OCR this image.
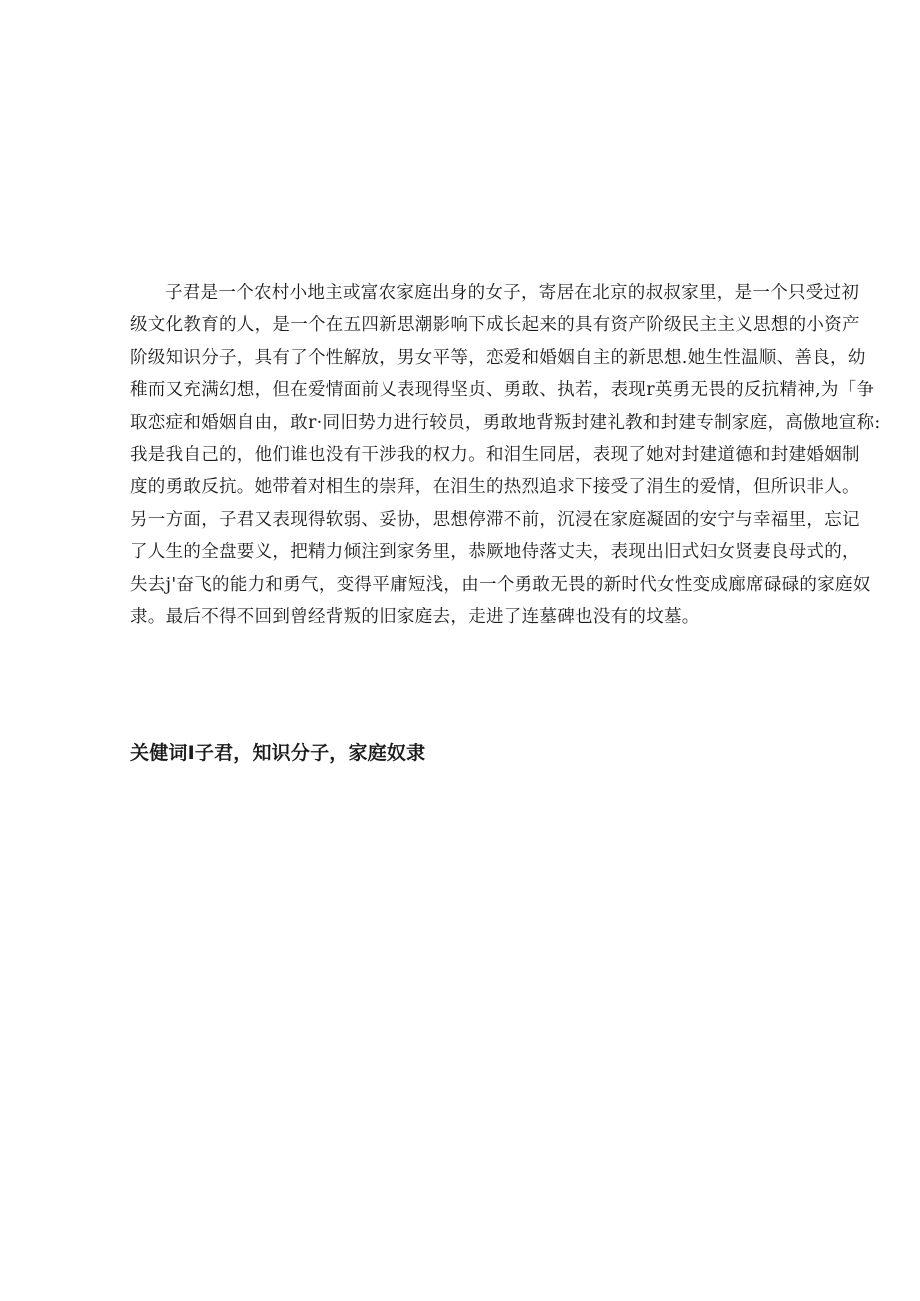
子君是一个农村小地主或富农家庭出身的女子，寄居在北京的叔叔家里，是一个只受过初
级文化教育的人，是一个在五四新思潮影响下成长起来的具有资产阶级民主主义思想的小资产
阶级知识分子，具有了个性解放，男女平等，恋爱和婚姻自主的新思想.她生性温顺、善良，幼
稚而又充满幻想，但在爱情面前乂表现得坚贞、勇敢、执若，表现r英勇无畏的反抗精神,为「争
取恋症和婚姻自由，敢r·同旧势力进行较员，勇敢地背叛封建礼教和封建专制家庭，高傲地宣称:
我是我自己的，他们谁也没有干涉我的权力。和泪生同居，表现了她对封建道德和封建婚姻制
度的勇敢反抗。她带着对相生的崇拜，在泪生的热烈追求下接受了涓生的爱情，但所识非人。
另一方面，子君又表现得软弱、妥协，思想停滞不前，沉浸在家庭凝固的安宁与幸福里，忘记
了人生的全盘要义，把精力倾注到家务里，恭厥地侍落丈夫，表现出旧式妇女贤妻良母式的，
失去j'奋飞的能力和勇气，变得平庸短浅，由一个勇敢无畏的新时代女性变成廊席碌碌的家庭奴
隶。最后不得不回到曾经背叛的旧家庭去，走进了连墓碑也没有的坟墓。

关健词I子君，知识分子，家庭奴隶
